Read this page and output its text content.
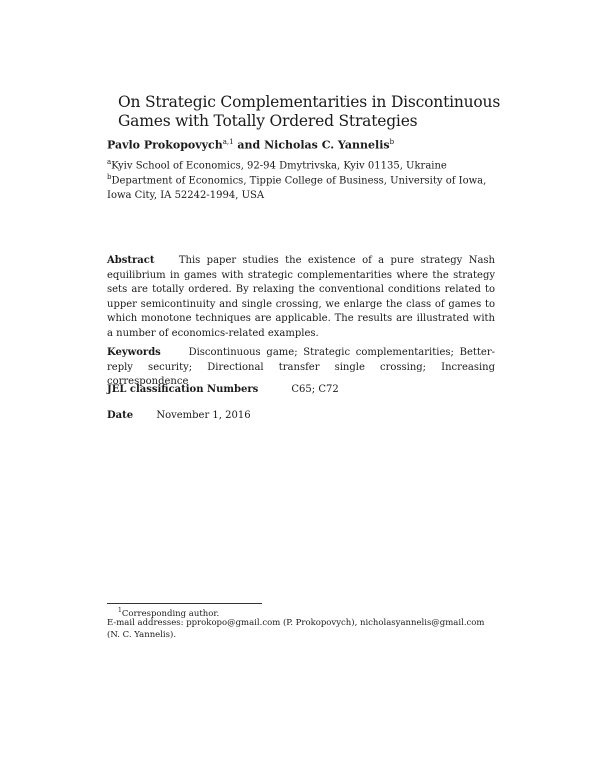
On Strategic Complementarities in Discontinuous Games with Totally Ordered Strategies
Pavlo Prokopovych$^{a,1}$ and Nicholas C. Yannelis$^b$
$^a$Kyiv School of Economics, 92-94 Dmytrivska, Kyiv 01135, Ukraine
$^b$Department of Economics, Tippie College of Business, University of Iowa, Iowa City, IA 52242-1994, USA
Abstract This paper studies the existence of a pure strategy Nash equilibrium in games with strategic complementarities where the strategy sets are totally ordered. By relaxing the conventional conditions related to upper semicontinuity and single crossing, we enlarge the class of games to which monotone techniques are applicable. The results are illustrated with a number of economics-related examples.
Keywords	Discontinuous game; Strategic complementarities; Better-reply security; Directional transfer single crossing; Increasing correspondence
JEL classification Numbers	C65; C72
Date November 1, 2016
$^1$Corresponding author.
E-mail addresses: pprokopo@gmail.com (P. Prokopovych), nicholasyannelis@gmail.com (N. C. Yannelis).
